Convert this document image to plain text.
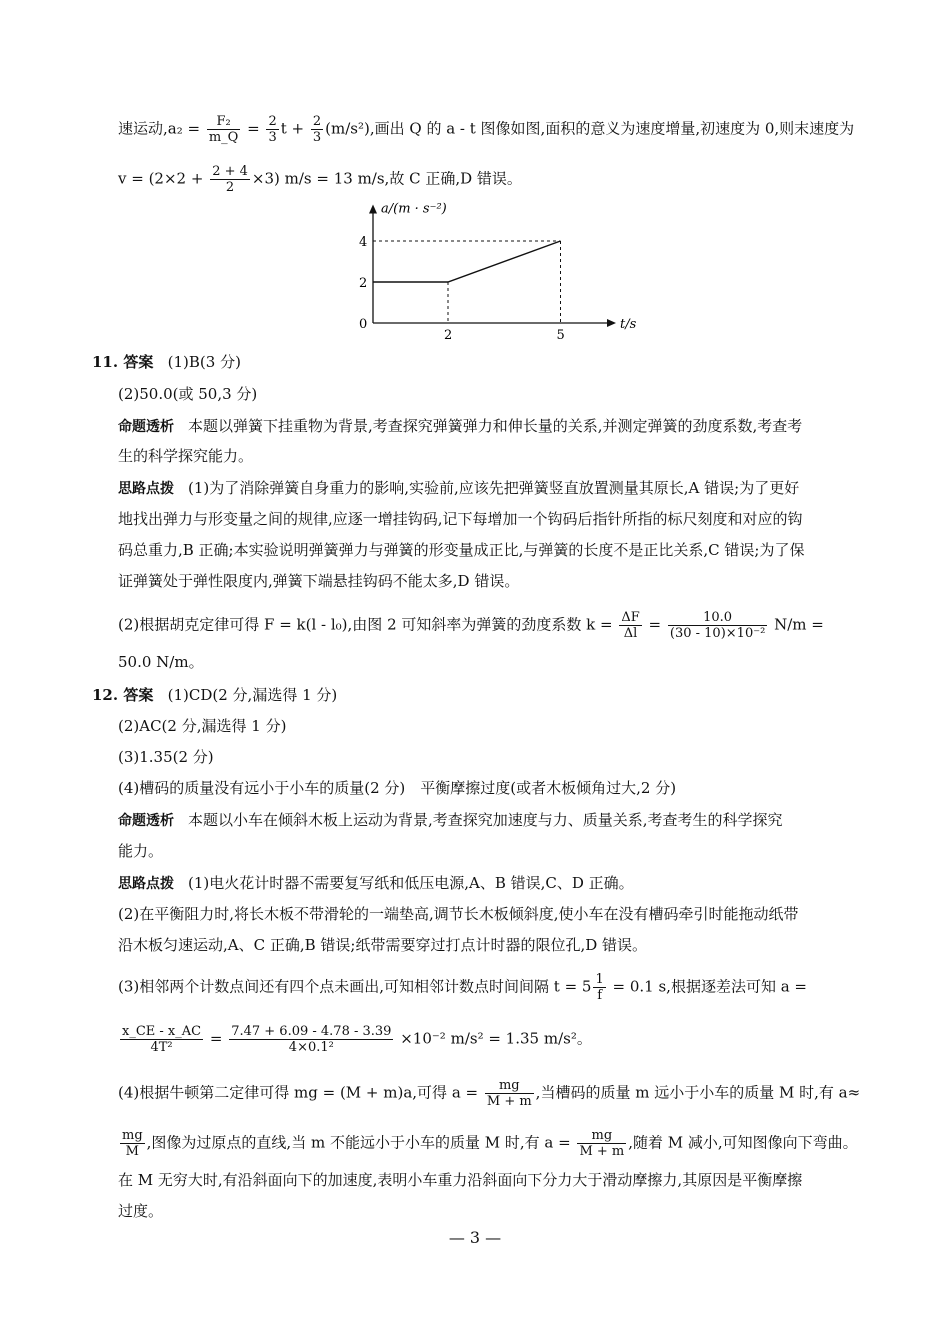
速运动$,a_2 = \frac{\text{F₂}}{m\_Q} = \frac{2}{3}$ $t + \frac{2}{3} (m/s^2)$,画出 Q 的 a - t 图像如图,面积的意义为速度增量,初速度为 0,则末速度为
$v = (2\times 2 + \frac{2 + 4}{2} \times 3)$ m/s = 13 m/s,故 C 正确,D 错误。
a/(m · s⁻²)
t/s
0
2
4
2	5
11. 答案 (1)B(3 分)
(2)50.0(或 50,3 分)
命题透析 本题以弹簧下挂重物为背景,考查探究弹簧弹力和伸长量的关系,并测定弹簧的劲度系数,考查考
生的科学探究能力。
思路点拨 (1)为了消除弹簧自身重力的影响,实验前,应该先把弹簧竖直放置测量其原长,A 错误;为了更好
地找出弹力与形变量之间的规律,应逐一增挂钩码,记下每增加一个钩码后指针所指的标尺刻度和对应的钩
码总重力,B 正确;本实验说明弹簧弹力与弹簧的形变量成正比,与弹簧的长度不是正比关系,C 错误;为了保
证弹簧处于弹性限度内,弹簧下端悬挂钩码不能太多,D 错误。
(2)根据胡克定律可得 F = k(l - l₀),由图 2 可知斜率为弹簧的劲度系数 $k = \frac{\Delta F}{\Delta l} = \frac{10.0}{\text{(30 - 10)×10⁻²}} N/m$ =
50.0 N/m。
12. 答案 (1)CD(2 分,漏选得 1 分)
(2)AC(2 分,漏选得 1 分)
(3)1.35(2 分)
(4)槽码的质量没有远小于小车的质量(2 分)　平衡摩擦过度(或者木板倾角过大,2 分)
命题透析 本题以小车在倾斜木板上运动为背景,考查探究加速度与力、质量关系,考查考生的科学探究
能力。
思路点拨 (1)电火花计时器不需要复写纸和低压电源,A、B 错误,C、D 正确。
(2)在平衡阻力时,将长木板不带滑轮的一端垫高,调节长木板倾斜度,使小车在没有槽码牵引时能拖动纸带
沿木板匀速运动,A、C 正确,B 错误;纸带需要穿过打点计时器的限位孔,D 错误。
(3)相邻两个计数点间还有四个点未画出,可知相邻计数点时间间隔 $t = 5 \frac{1}{f} = 0.1$ s,根据逐差法可知 a =
$\frac{x\_CE - x\_AC}{\text{4T²}} = \frac{7.47 + 6.09 - 4.78 - 3.39}{\text{4×0.1²}} \times 10^{-2}$ m/s² = 1.35 m/s²。
(4)根据牛顿第二定律可得 mg = (M + m)a,可得 $a = \frac{mg}{M + m}$ ,当槽码的质量 m 远小于小车的质量 M 时,有 a≈
$\frac{mg}{M}$ ,图像为过原点的直线,当 m 不能远小于小车的质量 M 时,有 $a = \frac{mg}{M + m}$ ,随着 M 减小,可知图像向下弯曲。
在 M 无穷大时,有沿斜面向下的加速度,表明小车重力沿斜面向下分力大于滑动摩擦力,其原因是平衡摩擦
过度。
— 3 —
